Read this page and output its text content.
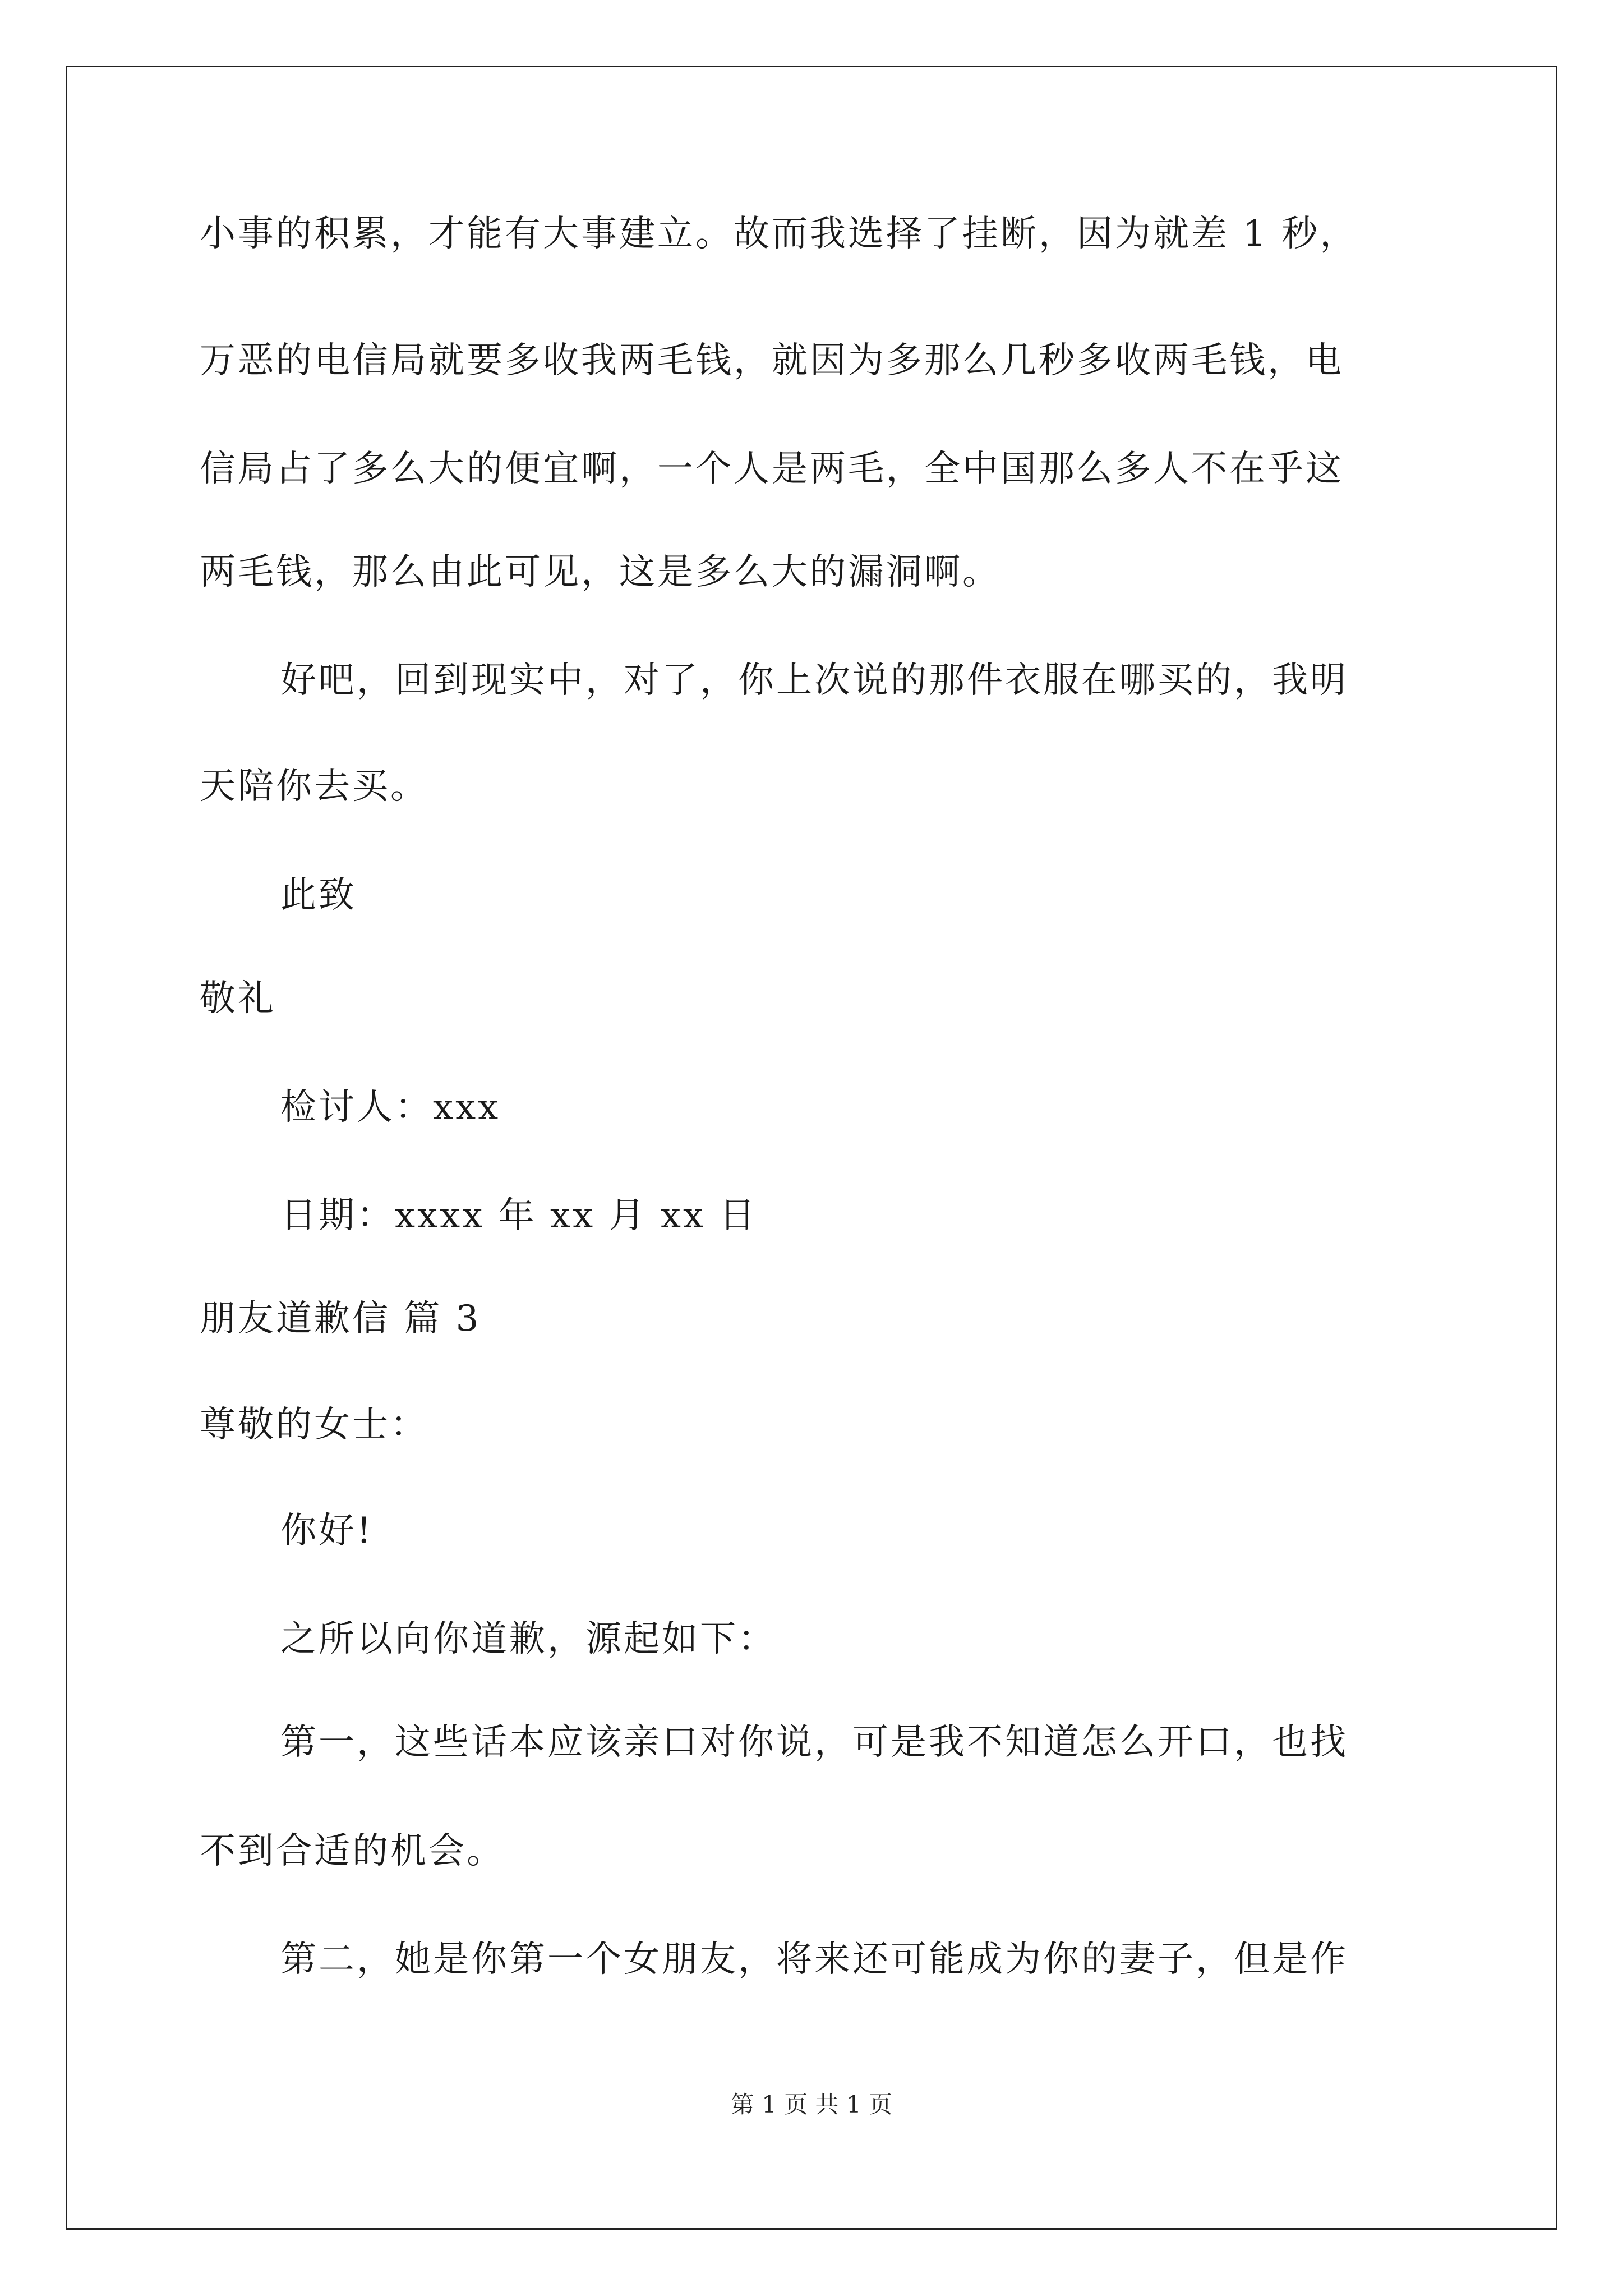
小事的积累，才能有大事建立。故而我选择了挂断，因为就差 1 秒，
万恶的电信局就要多收我两毛钱，就因为多那么几秒多收两毛钱，电
信局占了多么大的便宜啊，一个人是两毛，全中国那么多人不在乎这
两毛钱，那么由此可见，这是多么大的漏洞啊。
好吧，回到现实中，对了，你上次说的那件衣服在哪买的，我明
天陪你去买。
此致
敬礼
检讨人：xxx
日期：xxxx 年 xx 月 xx 日
朋友道歉信 篇 3
尊敬的女士：
你好!
之所以向你道歉，源起如下：
第一，这些话本应该亲口对你说，可是我不知道怎么开口，也找
不到合适的机会。
第二，她是你第一个女朋友，将来还可能成为你的妻子，但是作
第 1 页 共 1 页
